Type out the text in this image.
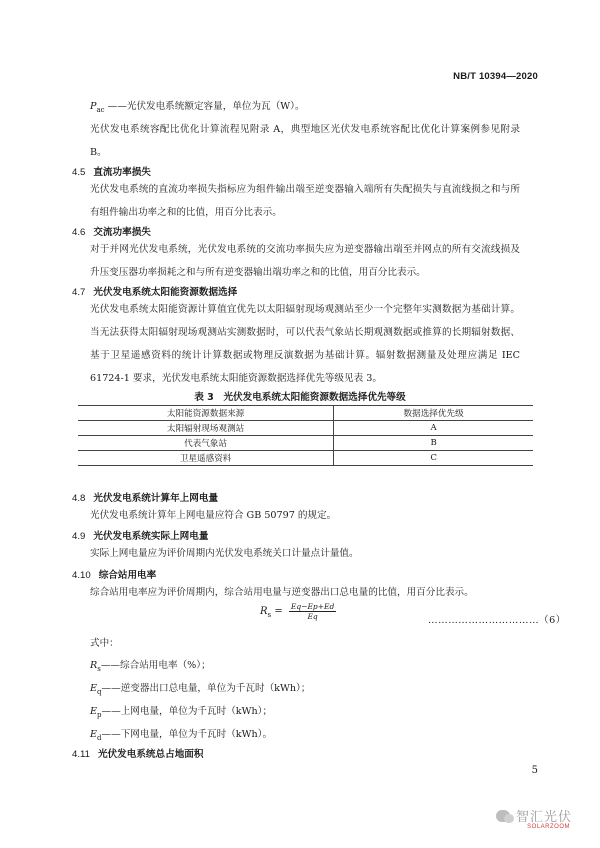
NB/T 10394—2020

$P_{ac}$ ——光伏发电系统额定容量，单位为瓦（W）。

光伏发电系统容配比优化计算流程见附录 A，典型地区光伏发电系统容配比优化计算案例参见附录 B。

4.5 直流功率损失

光伏发电系统的直流功率损失指标应为组件输出端至逆变器输入端所有失配损失与直流线损之和与所有组件输出功率之和的比值，用百分比表示。

4.6 交流功率损失

对于并网光伏发电系统，光伏发电系统的交流功率损失应为逆变器输出端至并网点的所有交流线损及升压变压器功率损耗之和与所有逆变器输出端功率之和的比值，用百分比表示。

4.7 光伏发电系统太阳能资源数据选择

光伏发电系统太阳能资源计算值宜优先以太阳辐射现场观测站至少一个完整年实测数据为基础计算。当无法获得太阳辐射现场观测站实测数据时，可以代表气象站长期观测数据或推算的长期辐射数据、基于卫星遥感资料的统计计算数据或物理反演数据为基础计算。辐射数据测量及处理应满足 IEC 61724-1 要求，光伏发电系统太阳能资源数据选择优先等级见表 3。

表 3　光伏发电系统太阳能资源数据选择优先等级
太阳能资源数据来源	数据选择优先级
太阳辐射现场观测站	A
代表气象站	B
卫星遥感资料	C
4.8 光伏发电系统计算年上网电量

光伏发电系统计算年上网电量应符合 GB 50797 的规定。

4.9 光伏发电系统实际上网电量

实际上网电量应为评价周期内光伏发电系统关口计量点计量值。

4.10 综合站用电率

综合站用电率应为评价周期内，综合站用电量与逆变器出口总电量的比值，用百分比表示。

$R_s = \frac{Eq-Ep+Ed}{Eq}$	……………………………（6）

式中：

$R_s——$综合站用电率（%）；

$E_q——$逆变器出口总电量，单位为千瓦时（kWh）；

$E_p——$上网电量，单位为千瓦时（kWh）；

$E_d——$下网电量，单位为千瓦时（kWh）。

4.11 光伏发电系统总占地面积
5
智汇光伏
SOLARZOOM
